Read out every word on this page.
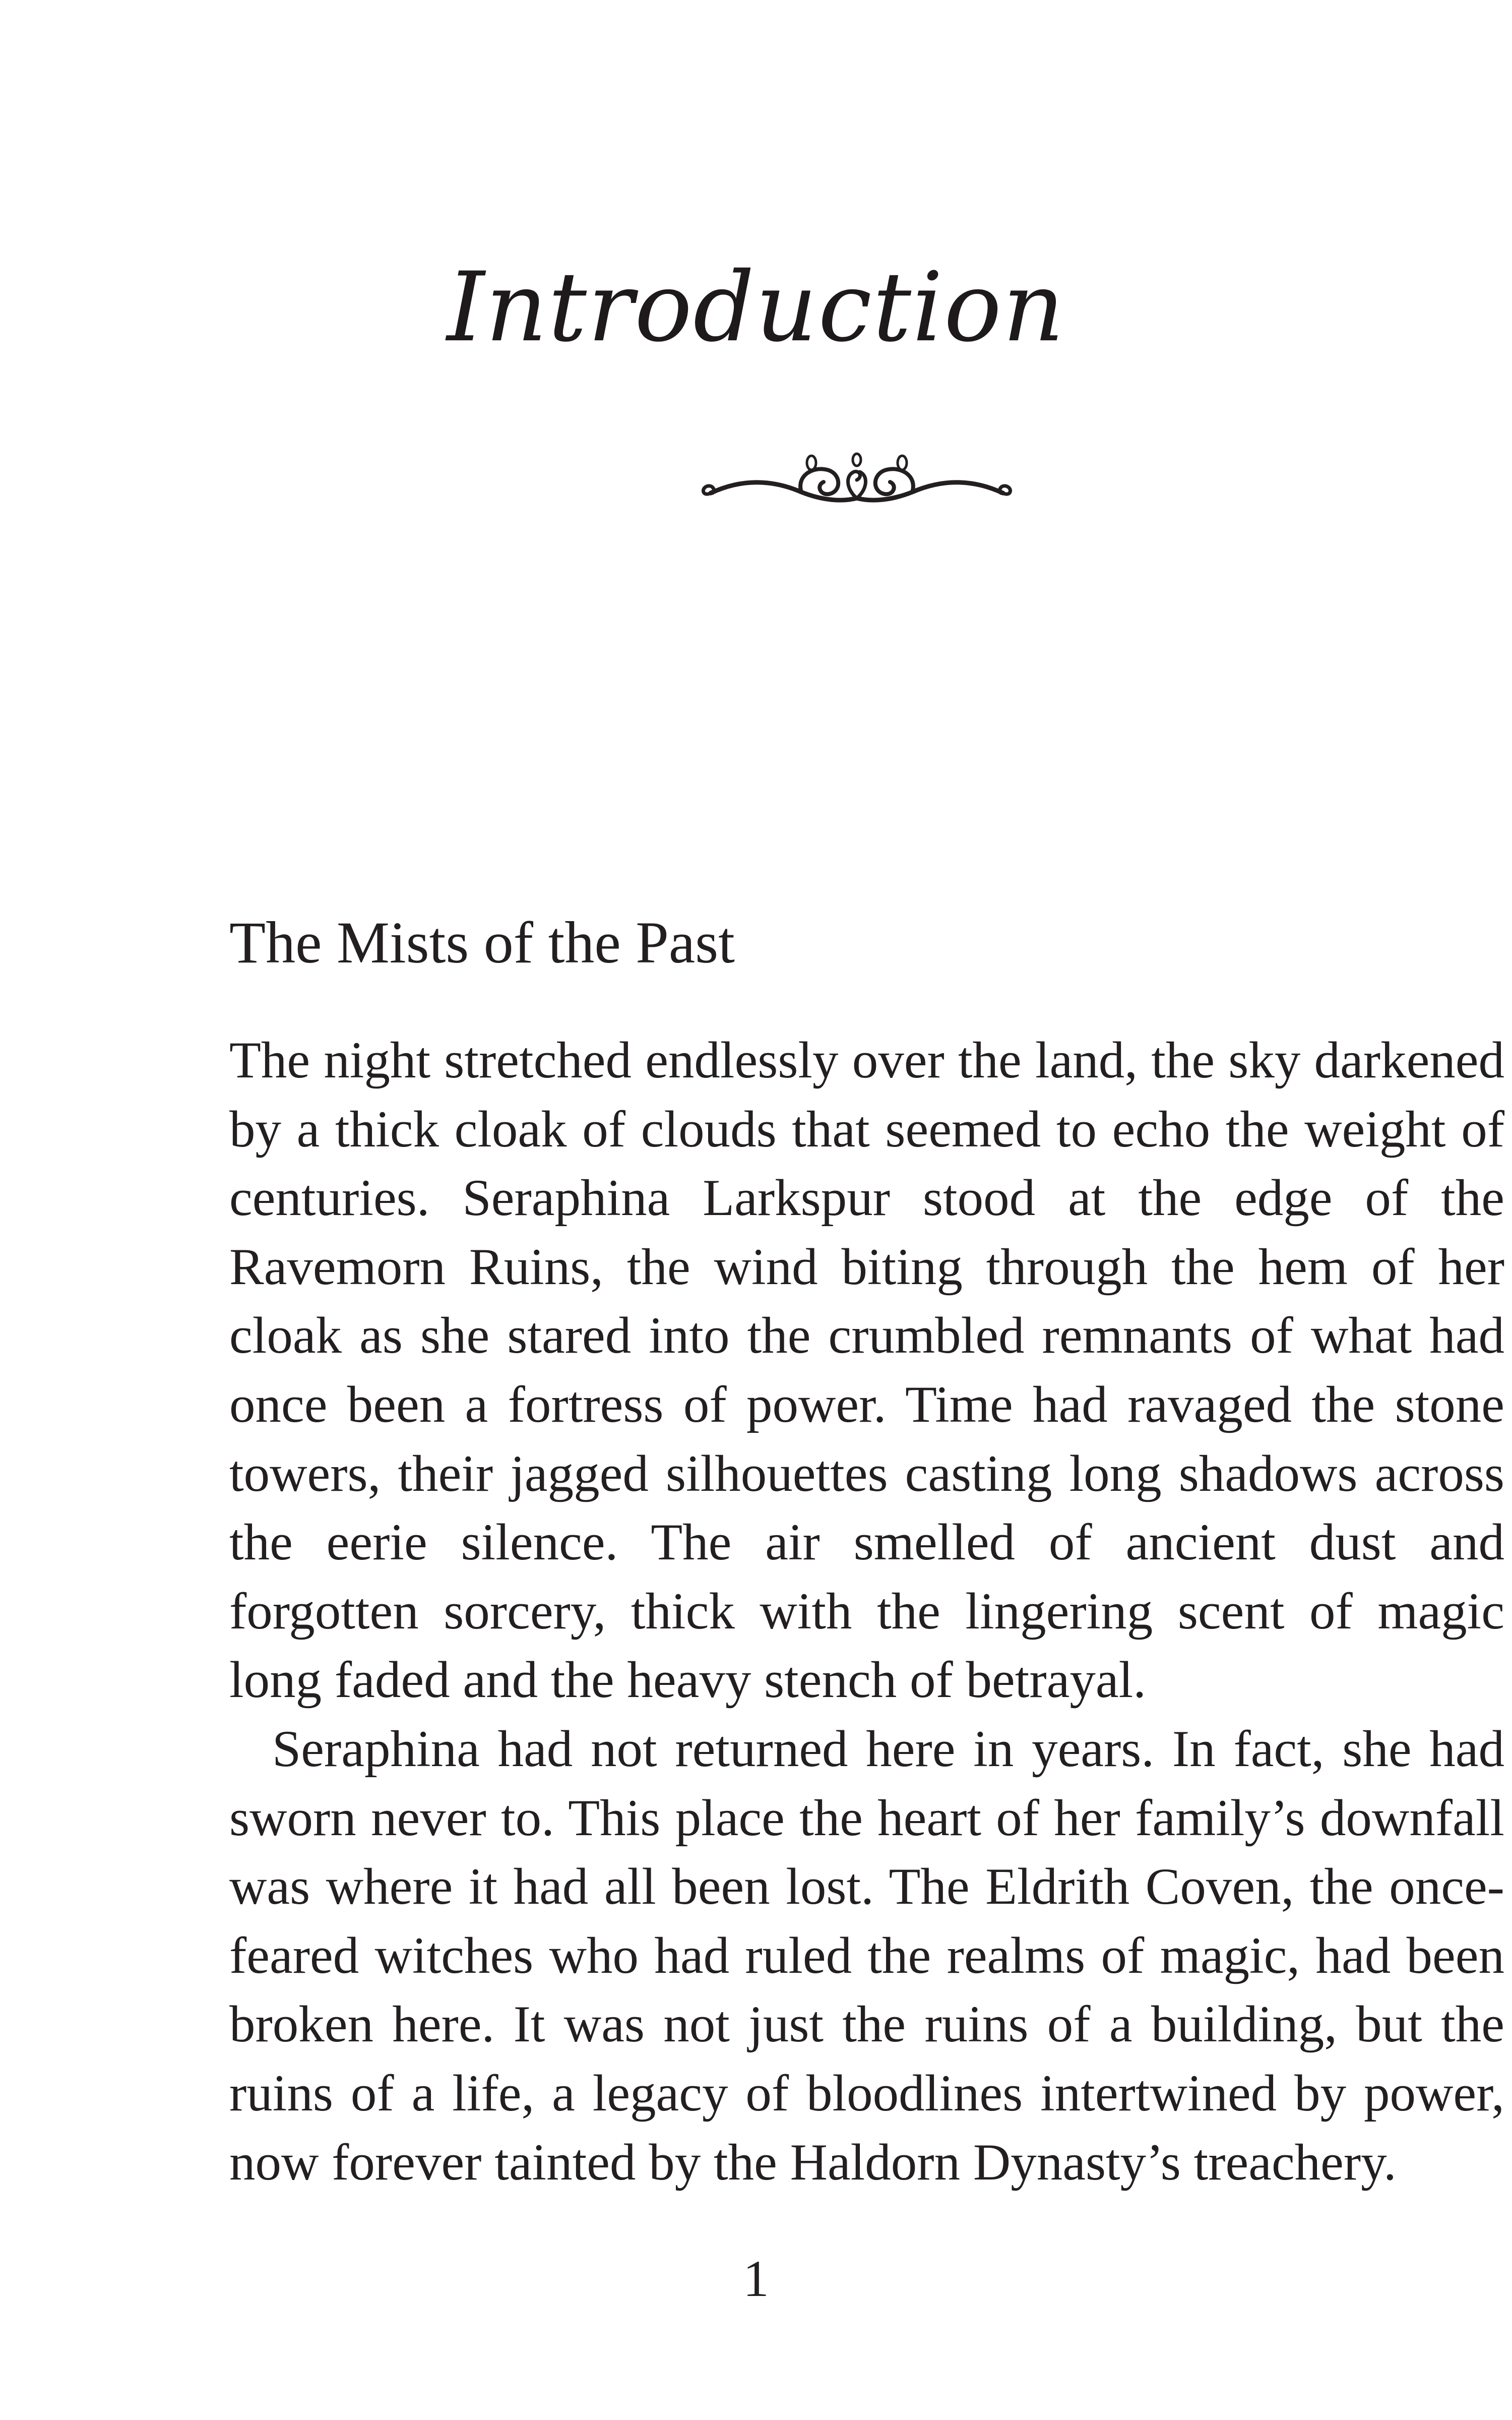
Introduction
The Mists of the Past

The night stretched endlessly over the land, the sky darkened by a thick cloak of clouds that seemed to echo the weight of centuries. Seraphina Larkspur stood at the edge of the Ravemorn Ruins, the wind biting through the hem of her cloak as she stared into the crumbled remnants of what had once been a fortress of power. Time had ravaged the stone towers, their jagged silhouettes casting long shadows across the eerie silence. The air smelled of ancient dust and forgotten sorcery, thick with the lingering scent of magic long faded and the heavy stench of betrayal.

Seraphina had not returned here in years. In fact, she had sworn never to. This place the heart of her family’s downfall was where it had all been lost. The Eldrith Coven, the once-feared witches who had ruled the realms of magic, had been broken here. It was not just the ruins of a building, but the ruins of a life, a legacy of bloodlines intertwined by power, now forever tainted by the Haldorn Dynasty’s treachery.

1
